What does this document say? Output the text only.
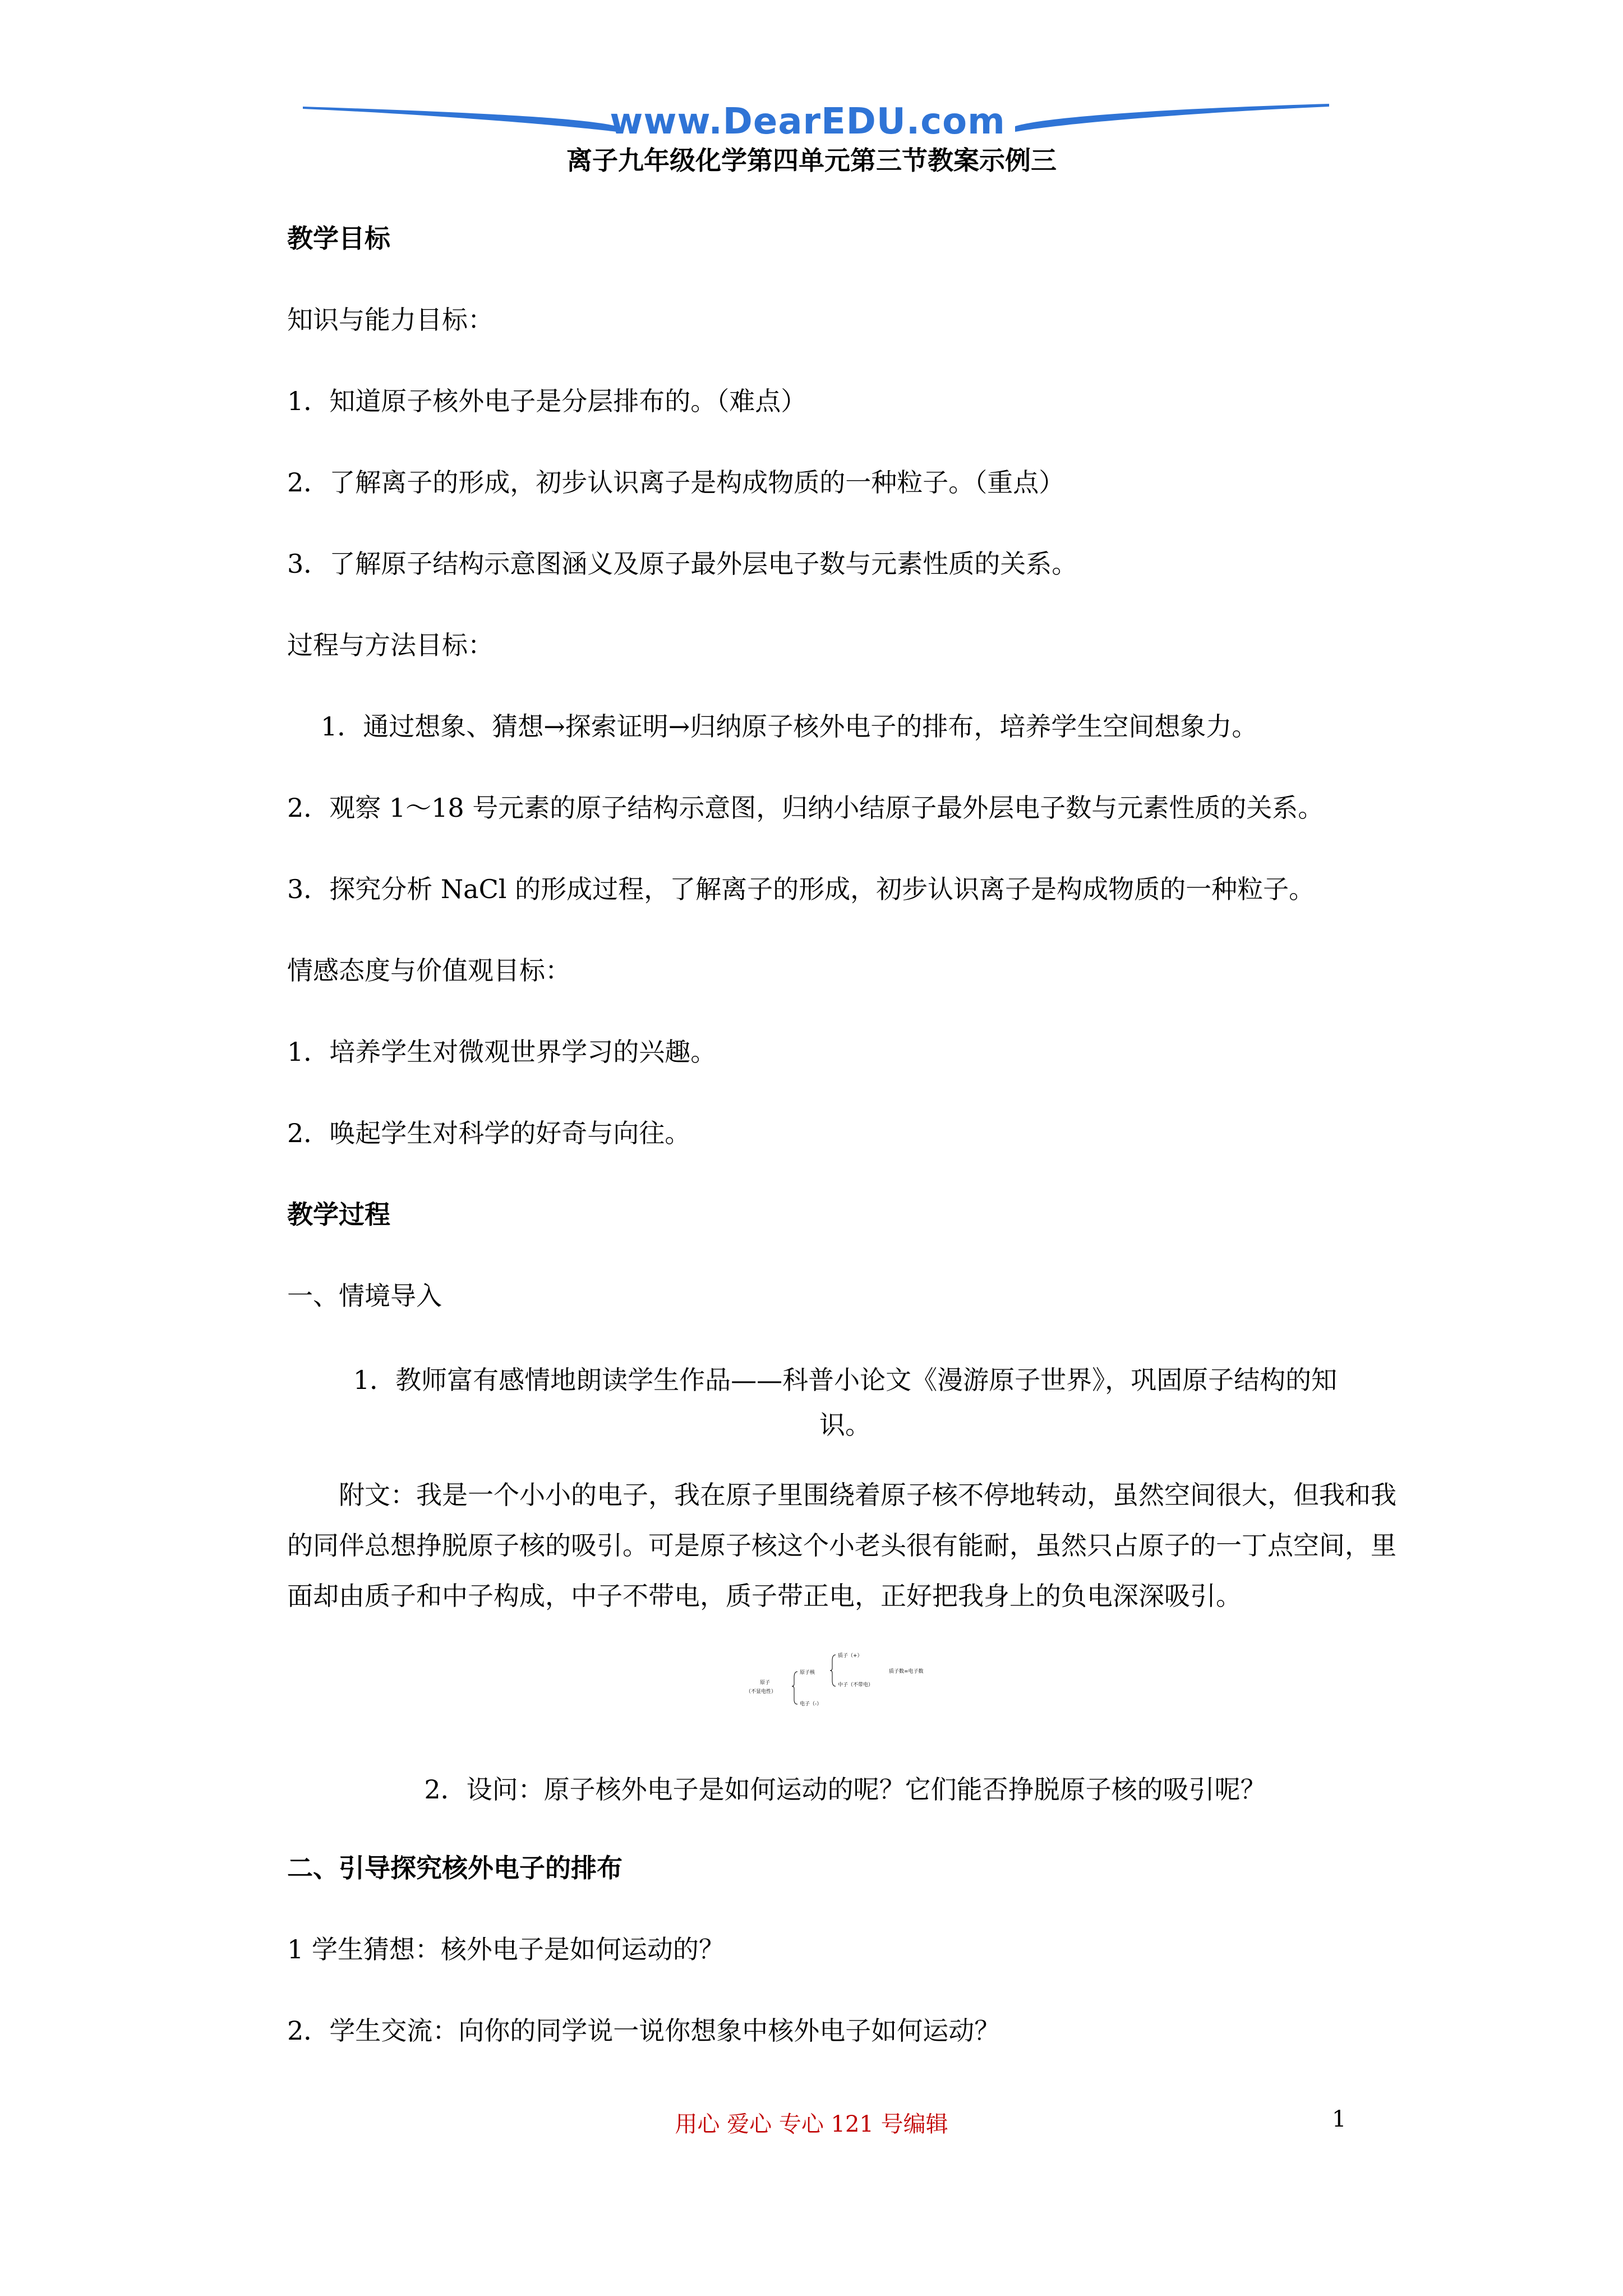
www.DearEDU.com
离子九年级化学第四单元第三节教案示例三
教学目标
知识与能力目标：
1．知道原子核外电子是分层排布的。（难点）
2．了解离子的形成，初步认识离子是构成物质的一种粒子。（重点）
3．了解原子结构示意图涵义及原子最外层电子数与元素性质的关系。
过程与方法目标：
1．通过想象、猜想→探索证明→归纳原子核外电子的排布，培养学生空间想象力。
2．观察 1～18 号元素的原子结构示意图，归纳小结原子最外层电子数与元素性质的关系。
3．探究分析 NaCl 的形成过程，了解离子的形成，初步认识离子是构成物质的一种粒子。
情感态度与价值观目标：
1．培养学生对微观世界学习的兴趣。
2．唤起学生对科学的好奇与向往。
教学过程
一、情境导入
1．教师富有感情地朗读学生作品——科普小论文《漫游原子世界》，巩固原子结构的知
识。
附文：我是一个小小的电子，我在原子里围绕着原子核不停地转动，虽然空间很大，但我和我的同伴总想挣脱原子核的吸引。可是原子核这个小老头很有能耐，虽然只占原子的一丁点空间，里面却由质子和中子构成，中子不带电，质子带正电，正好把我身上的负电深深吸引。
原子
（不显电性）
原子核
电子（-）
质子（+）
中子（不带电）
质子数=电子数
2．设问：原子核外电子是如何运动的呢？它们能否挣脱原子核的吸引呢？
二、引导探究核外电子的排布
1 学生猜想：核外电子是如何运动的？
2．学生交流：向你的同学说一说你想象中核外电子如何运动？
用心 爱心 专心 121 号编辑	1
